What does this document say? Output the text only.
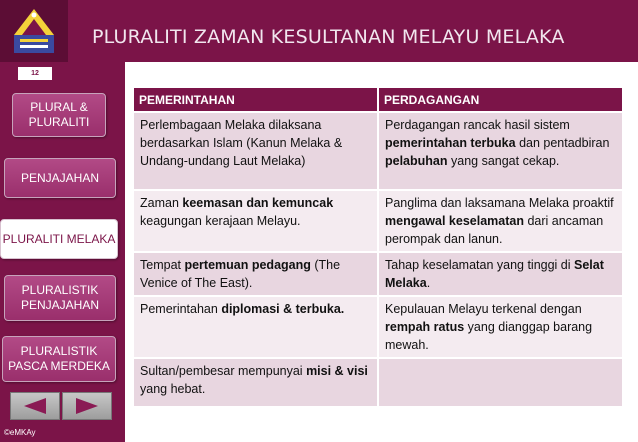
PLURALITI ZAMAN KESULTANAN MELAYU MELAKA
12
PLURAL &
PLURALITI
PENJAJAHAN
PLURALITI MELAKA
PLURALISTIK
PENJAJAHAN
PLURALISTIK
PASCA MERDEKA
©eMKAy
PEMERINTAHAN	PERDAGANGAN
Perlembagaan Melaka dilaksana berdasarkan Islam (Kanun Melaka & Undang-undang Laut Melaka)	Perdagangan rancak hasil sistem pemerintahan terbuka dan pentadbiran pelabuhan yang sangat cekap.
Zaman keemasan dan kemuncak keagungan kerajaan Melayu.	Panglima dan laksamana Melaka proaktif mengawal keselamatan dari ancaman perompak dan lanun.
Tempat pertemuan pedagang (The Venice of The East).	Tahap keselamatan yang tinggi di Selat Melaka.
Pemerintahan diplomasi & terbuka.	Kepulauan Melayu terkenal dengan rempah ratus yang dianggap barang mewah.
Sultan/pembesar mempunyai misi & visi yang hebat.	
